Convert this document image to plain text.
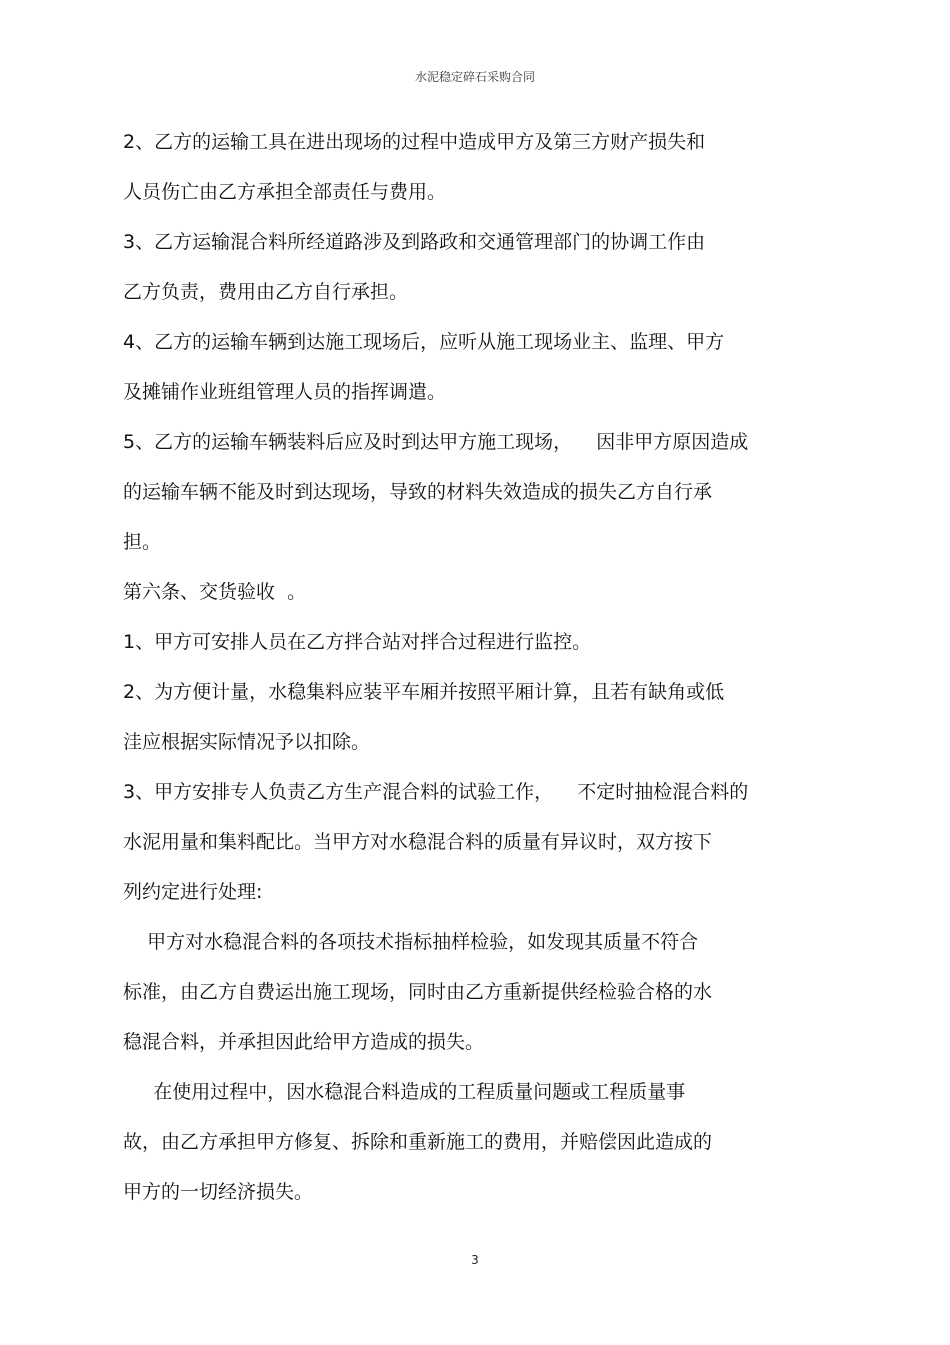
水泥稳定碎石采购合同
2、乙方的运输工具在进出现场的过程中造成甲方及第三方财产损失和
人员伤亡由乙方承担全部责任与费用。
3、乙方运输混合料所经道路涉及到路政和交通管理部门的协调工作由
乙方负责，费用由乙方自行承担。
4、乙方的运输车辆到达施工现场后，应听从施工现场业主、监理、甲方
及摊铺作业班组管理人员的指挥调遣。
5、乙方的运输车辆装料后应及时到达甲方施工现场，    因非甲方原因造成
的运输车辆不能及时到达现场，导致的材料失效造成的损失乙方自行承
担。
第六条、交货验收  。
1、甲方可安排人员在乙方拌合站对拌合过程进行监控。
2、为方便计量，水稳集料应装平车厢并按照平厢计算，且若有缺角或低
洼应根据实际情况予以扣除。
3、甲方安排专人负责乙方生产混合料的试验工作，    不定时抽检混合料的
水泥用量和集料配比。当甲方对水稳混合料的质量有异议时，双方按下
列约定进行处理:
甲方对水稳混合料的各项技术指标抽样检验，如发现其质量不符合
标准，由乙方自费运出施工现场，同时由乙方重新提供经检验合格的水
稳混合料，并承担因此给甲方造成的损失。
在使用过程中，因水稳混合料造成的工程质量问题或工程质量事
故，由乙方承担甲方修复、拆除和重新施工的费用，并赔偿因此造成的
甲方的一切经济损失。
3
